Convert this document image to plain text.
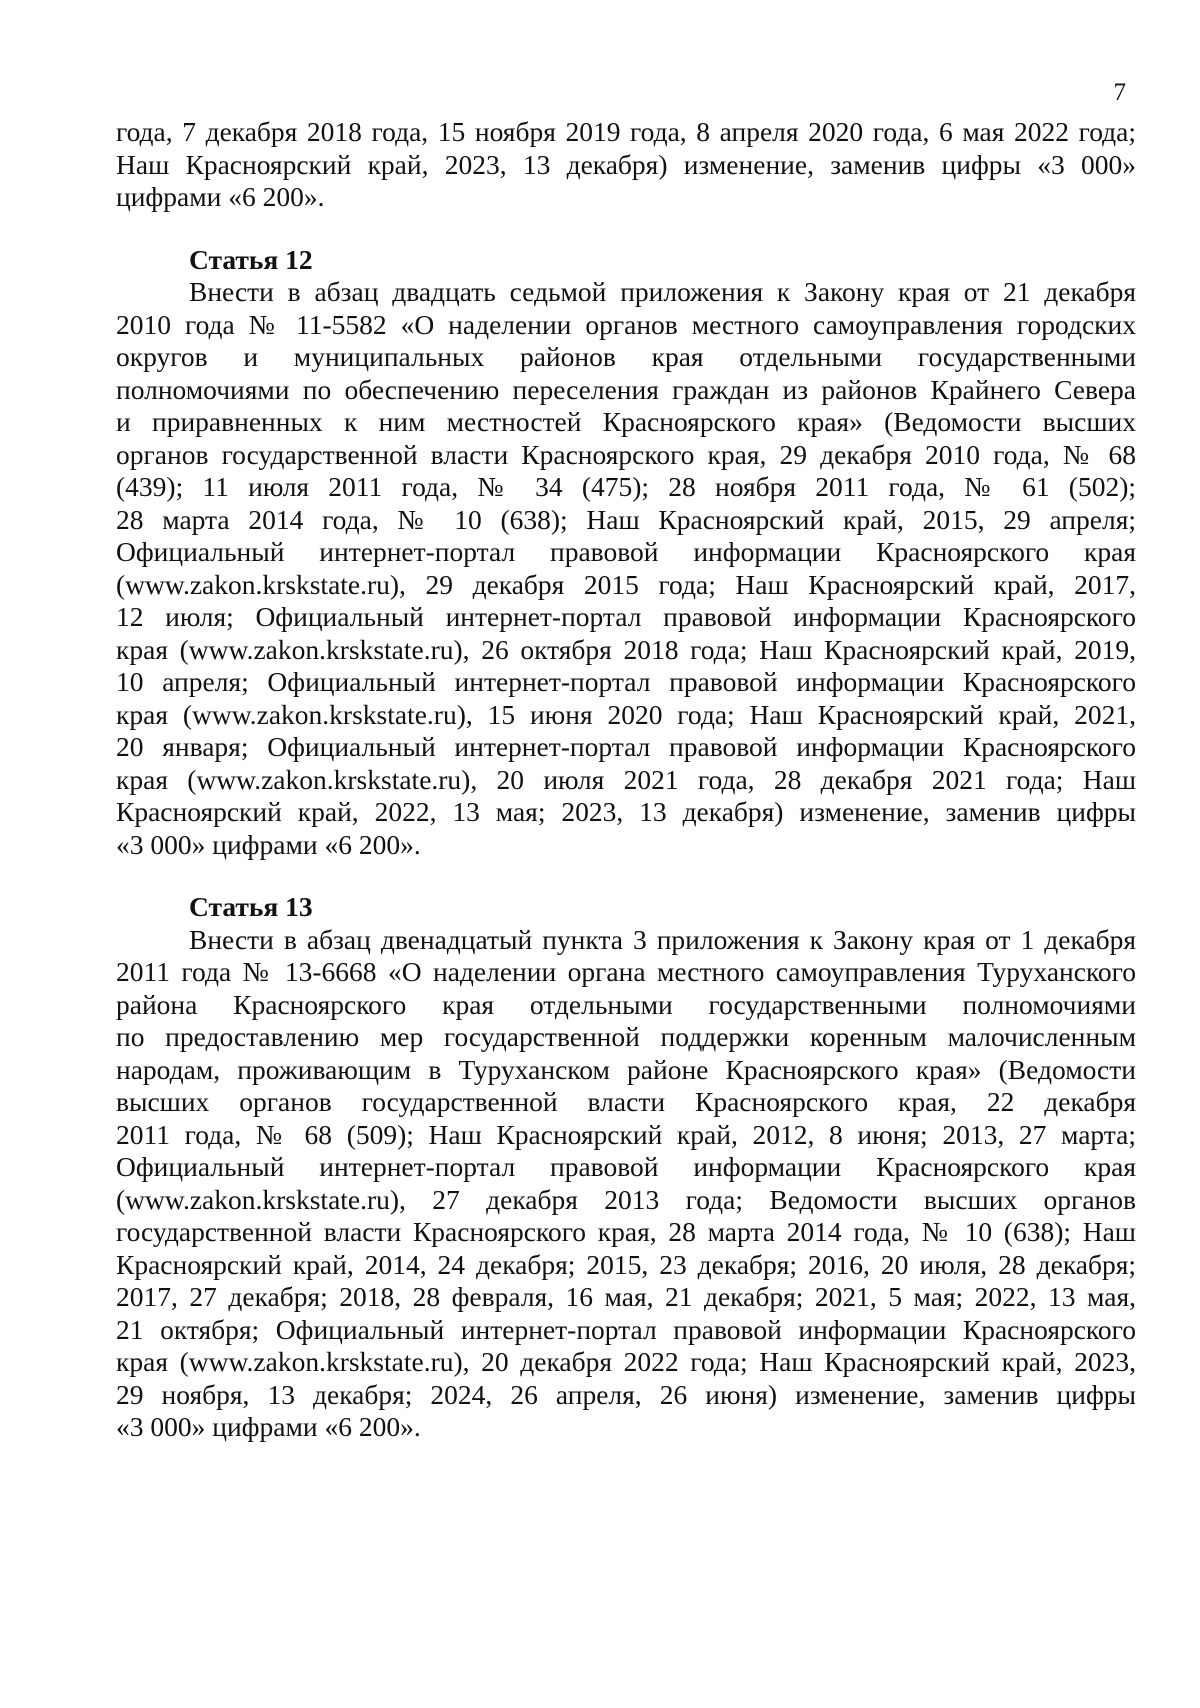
7
года, 7 декабря 2018 года, 15 ноября 2019 года, 8 апреля 2020 года, 6 мая 2022 года;
Наш Красноярский край, 2023, 13 декабря) изменение, заменив цифры «3 000»
цифрами «6 200».
Статья 12
Внести в абзац двадцать седьмой приложения к Закону края от 21 декабря
2010 года № 11-5582 «О наделении органов местного самоуправления городских
округов и муниципальных районов края отдельными государственными
полномочиями по обеспечению переселения граждан из районов Крайнего Севера
и приравненных к ним местностей Красноярского края» (Ведомости высших
органов государственной власти Красноярского края, 29 декабря 2010 года, № 68
(439); 11 июля 2011 года, № 34 (475); 28 ноября 2011 года, № 61 (502);
28 марта 2014 года, № 10 (638); Наш Красноярский край, 2015, 29 апреля;
Официальный интернет-портал правовой информации Красноярского края
(www.zakon.krskstate.ru), 29 декабря 2015 года; Наш Красноярский край, 2017,
12 июля; Официальный интернет-портал правовой информации Красноярского
края (www.zakon.krskstate.ru), 26 октября 2018 года; Наш Красноярский край, 2019,
10 апреля; Официальный интернет-портал правовой информации Красноярского
края (www.zakon.krskstate.ru), 15 июня 2020 года; Наш Красноярский край, 2021,
20 января; Официальный интернет-портал правовой информации Красноярского
края (www.zakon.krskstate.ru), 20 июля 2021 года, 28 декабря 2021 года; Наш
Красноярский край, 2022, 13 мая; 2023, 13 декабря) изменение, заменив цифры
«3 000» цифрами «6 200».
Статья 13
Внести в абзац двенадцатый пункта 3 приложения к Закону края от 1 декабря
2011 года № 13-6668 «О наделении органа местного самоуправления Туруханского
района Красноярского края отдельными государственными полномочиями
по предоставлению мер государственной поддержки коренным малочисленным
народам, проживающим в Туруханском районе Красноярского края» (Ведомости
высших органов государственной власти Красноярского края, 22 декабря
2011 года, № 68 (509); Наш Красноярский край, 2012, 8 июня; 2013, 27 марта;
Официальный интернет-портал правовой информации Красноярского края
(www.zakon.krskstate.ru), 27 декабря 2013 года; Ведомости высших органов
государственной власти Красноярского края, 28 марта 2014 года, № 10 (638); Наш
Красноярский край, 2014, 24 декабря; 2015, 23 декабря; 2016, 20 июля, 28 декабря;
2017, 27 декабря; 2018, 28 февраля, 16 мая, 21 декабря; 2021, 5 мая; 2022, 13 мая,
21 октября; Официальный интернет-портал правовой информации Красноярского
края (www.zakon.krskstate.ru), 20 декабря 2022 года; Наш Красноярский край, 2023,
29 ноября, 13 декабря; 2024, 26 апреля, 26 июня) изменение, заменив цифры
«3 000» цифрами «6 200».
